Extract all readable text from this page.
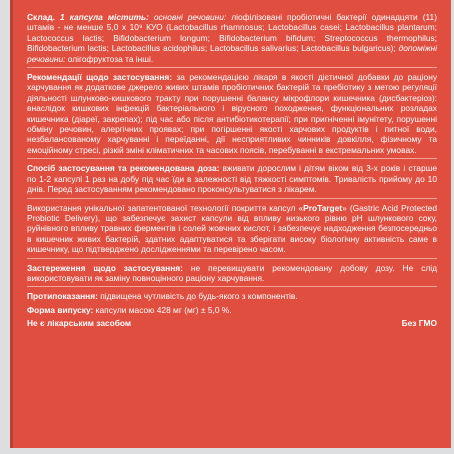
Склад. 1 капсула містить: основні речовини: ліофілізовані пробіотичні бактерії одинадцяти (11) штамів - не менше 5,0 х 10⁹ КУО (Lactobacillus rhamnosus; Lactobacillus casei; Lactobacillus plantarum; Lactococcus lactis; Bifidobacterium longum; Bifidobacterium bifidum; Streptococcus thermophilus; Bifidobacterium lactis; Lactobacillus acidophilus; Lactobacillus salivarius; Lactobacillus bulgaricus); допоміжні речовини: олігофруктоза та інші.

Рекомендації щодо застосування: за рекомендацією лікаря в якості дієтичної добавки до раціону харчування як додаткове джерело живих штамів пробіотичних бактерій та пребіотику з метою регуляції діяльності шлунково-кишкового тракту при порушенні балансу мікрофлори кишечника (дисбактеріоз): внаслідок кишкових інфекцій бактеріального і вірусного походження, функціональних розладах кишечника (діареї, закрепах); під час або після антибіотикотерапії; при пригніченні імунітету, порушенні обміну речовин, алергічних проявах; при погіршенні якості харчових продуктів і питної води, незбалансованому харчуванні і переїданні, дії несприятливих чинників довкілля, фізичному та емоційному стресі, різкій зміні кліматичних та часових поясів, перебуванні в екстремальних умовах.

Спосіб застосування та рекомендована доза: вживати дорослим і дітям віком від 3-х років і старше по 1-2 капсулі 1 раз на добу під час їди в залежності від тяжкості симптомів. Тривалість прийому до 10 днів. Перед застосуванням рекомендовано проконсультуватися з лікарем.

Використання унікальної запатентованої технології покриття капсул «ProTarget» (Gastric Acid Protected Probiotic Delivery), що забезпечує захист капсули від впливу низького рівню pH шлункового соку, руйнівного впливу травних ферментів і солей жовчних кислот, і забезпечує надходження безпосередньо в кишечник живих бактерій, здатних адаптуватися та зберігати високу біологічну активність саме в кишечнику, що підтверджено дослідженнями та перевірено часом.

Застереження щодо застосування: не перевищувати рекомендовану добову дозу. Не слід використовувати як заміну повноцінного раціону харчування.

Протипоказання: підвищена чутливість до будь-якого з компонентів.

Форма випуску: капсули масою 428 мг (мг) ± 5,0 %.

Не є лікарським засобом	Без ГМО
